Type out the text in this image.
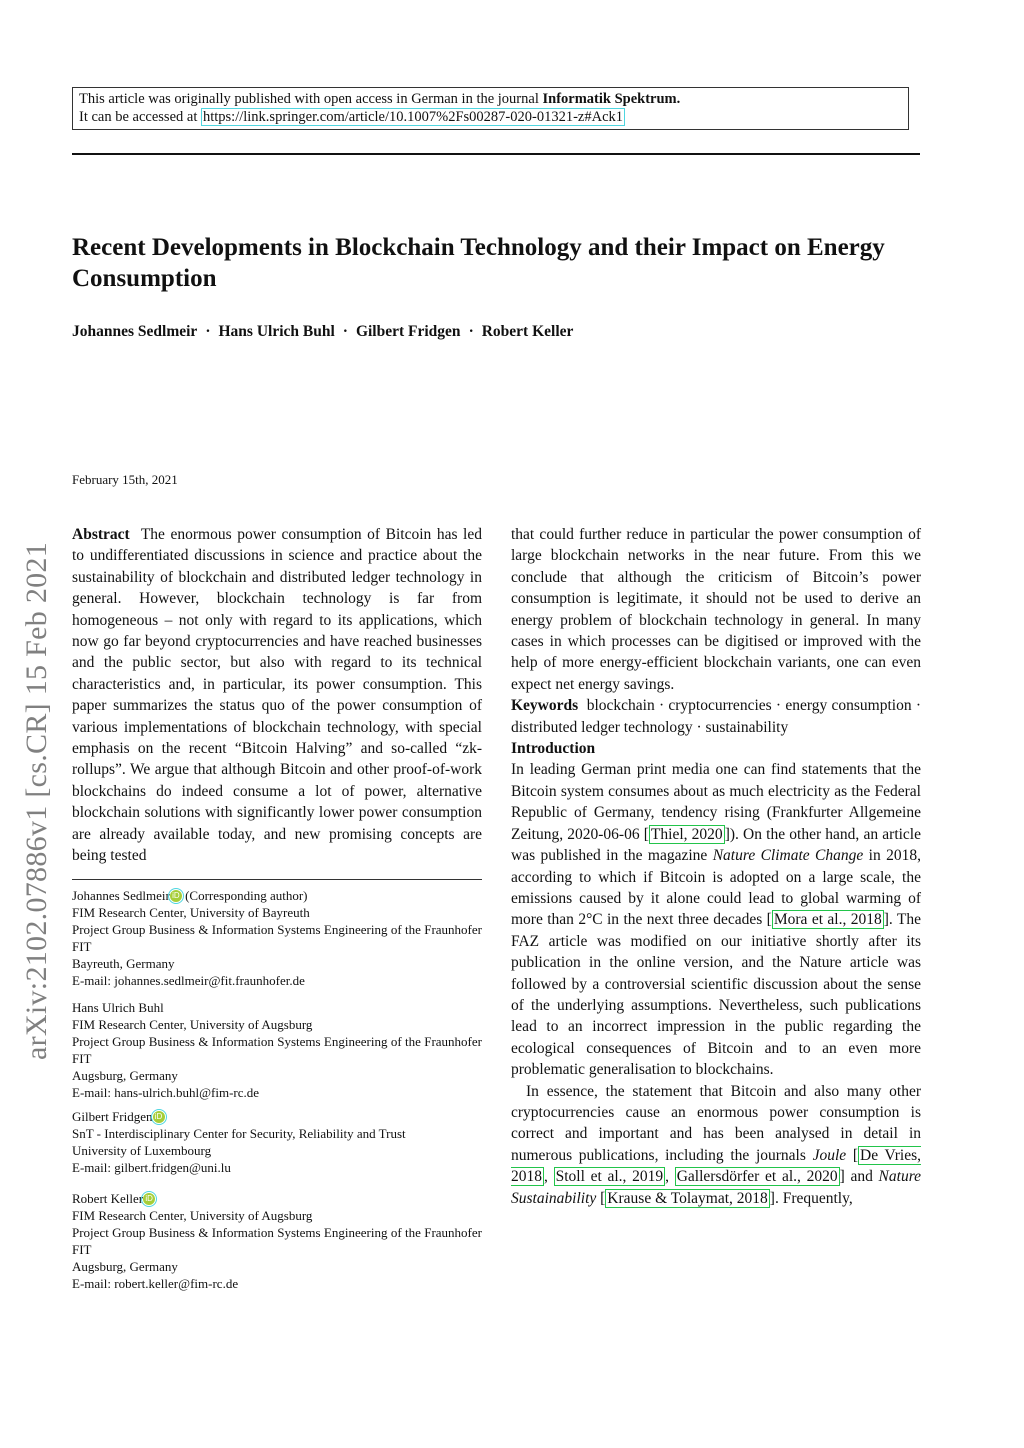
This article was originally published with open access in German in the journal Informatik Spektrum.
It can be accessed at https://link.springer.com/article/10.1007%2Fs00287-020-01321-z#Ack1
Recent Developments in Blockchain Technology and their Impact on Energy Consumption
Johannes Sedlmeir · Hans Ulrich Buhl · Gilbert Fridgen · Robert Keller
arXiv:2102.07886v1 [cs.CR] 15 Feb 2021
February 15th, 2021

Abstract The enormous power consumption of Bitcoin has led to undifferentiated discussions in science and practice about the sustainability of blockchain and distributed ledger technology in general. However, blockchain technology is far from homogeneous – not only with regard to its applications, which now go far beyond cryptocurrencies and have reached businesses and the public sector, but also with regard to its technical characteristics and, in particular, its power consumption. This paper summarizes the status quo of the power consumption of various implementations of blockchain technology, with special emphasis on the recent “Bitcoin Halving” and so-called “zk-rollups”. We argue that although Bitcoin and other proof-of-work blockchains do indeed consume a lot of power, alternative blockchain solutions with significantly lower power consumption are already available today, and new promising concepts are being tested

Johannes Sedlmeir iD (Corresponding author)

FIM Research Center, University of Bayreuth

Project Group Business & Information Systems Engineering of the Fraunhofer FIT

Bayreuth, Germany

E-mail: johannes.sedlmeir@fit.fraunhofer.de

Hans Ulrich Buhl

FIM Research Center, University of Augsburg

Project Group Business & Information Systems Engineering of the Fraunhofer FIT

Augsburg, Germany

E-mail: hans-ulrich.buhl@fim-rc.de

Gilbert Fridgen iD

SnT - Interdisciplinary Center for Security, Reliability and Trust

University of Luxembourg

E-mail: gilbert.fridgen@uni.lu

Robert Keller iD

FIM Research Center, University of Augsburg

Project Group Business & Information Systems Engineering of the Fraunhofer FIT

Augsburg, Germany

E-mail: robert.keller@fim-rc.de

that could further reduce in particular the power consumption of large blockchain networks in the near future. From this we conclude that although the criticism of Bitcoin’s power consumption is legitimate, it should not be used to derive an energy problem of blockchain technology in general. In many cases in which processes can be digitised or improved with the help of more energy-efficient blockchain variants, one can even expect net energy savings.

Keywords blockchain · cryptocurrencies · energy consumption · distributed ledger technology · sustainability

Introduction

In leading German print media one can find statements that the Bitcoin system consumes about as much electricity as the Federal Republic of Germany, tendency rising (Frankfurter Allgemeine Zeitung, 2020-06-06 [ Thiel, 2020 ]). On the other hand, an article was published in the magazine Nature Climate Change in 2018, according to which if Bitcoin is adopted on a large scale, the emissions caused by it alone could lead to global warming of more than 2°C in the next three decades [ Mora et al., 2018 ]. The FAZ article was modified on our initiative shortly after its publication in the online version, and the Nature article was followed by a controversial scientific discussion about the sense of the underlying assumptions. Nevertheless, such publications lead to an incorrect impression in the public regarding the ecological consequences of Bitcoin and to an even more problematic generalisation to blockchains.

In essence, the statement that Bitcoin and also many other cryptocurrencies cause an enormous power consumption is correct and important and has been analysed in detail in numerous publications, including the journals Joule [ De Vries, 2018 , Stoll et al., 2019 , Gallersdörfer et al., 2020 ] and Nature Sustainability [ Krause & Tolaymat, 2018 ]. Frequently,
